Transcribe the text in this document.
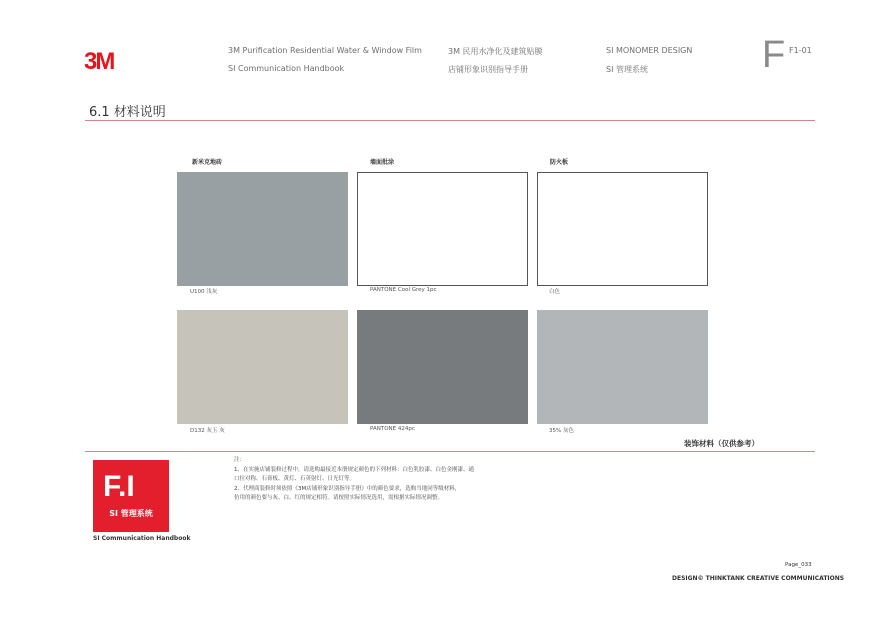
3M	3M Purification Residential Water & Window Film
SI Communication Handbook
3M 民用水净化及建筑贴膜
店铺形象识别指导手册
SI MONOMER DESIGN
SI 管理系统	F F1-01
6.1 材料说明
新米克地砖	墙面批涂	防火板
U100 浅灰	PANTONE Cool Grey 1pc	白色
D132 灰玉 灰	PANTONE 424pc	35% 灰色
装饰材料（仅供参考）
F.I
SI 管理系统
SI Communication Handbook
注：
1、在实施店铺装修过程中，请选购最接近本册规定颜色的下列材料：白色乳胶漆、白色金刚漆、通
口拉对称、石膏板、黄灯、石英射灯、日光灯等。
2、代理商装修时须依照《3M店铺形象识别指导手册》中的颜色要求，选购当地同等级材料，
仿用的颜色要与灰、白、红的规定相符。请按照实际情况选用，需根据实际情况调整。
Page_033
DESIGN© THINKTANK CREATIVE COMMUNICATIONS
